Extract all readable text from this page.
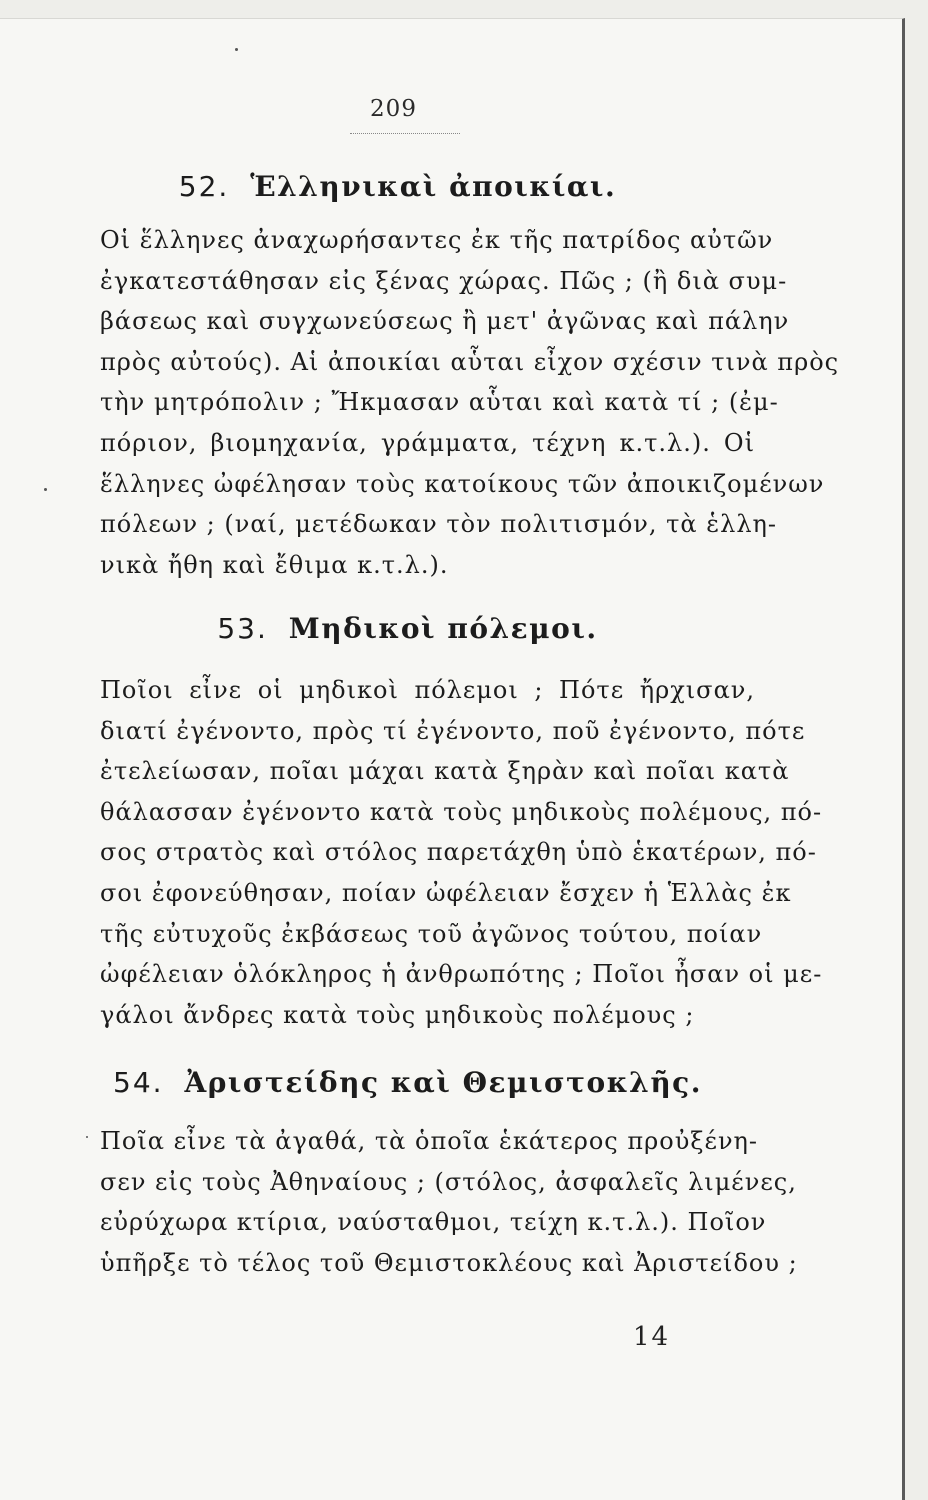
209
52. Ἑλληνικαὶ ἀποικίαι.
Οἱ ἕλληνες ἀναχωρήσαντες ἐκ τῆς πατρίδος αὐτῶν
ἐγκατεστάθησαν εἰς ξένας χώρας. Πῶς ; (ἢ διὰ συμ-
βάσεως καὶ συγχωνεύσεως ἢ μετ' ἀγῶνας καὶ πάλην
πρὸς αὐτούς). Αἱ ἀποικίαι αὗται εἶχον σχέσιν τινὰ πρὸς
τὴν μητρόπολιν ; Ἤκμασαν αὗται καὶ κατὰ τί ; (ἐμ-
πόριον, βιομηχανία, γράμματα, τέχνη κ.τ.λ.). Οἱ
ἕλληνες ὠφέλησαν τοὺς κατοίκους τῶν ἀποικιζομένων
πόλεων ; (ναί, μετέδωκαν τὸν πολιτισμόν, τὰ ἑλλη-
νικὰ ἤθη καὶ ἔθιμα κ.τ.λ.).
53. Μηδικοὶ πόλεμοι.
Ποῖοι εἶνε οἱ μηδικοὶ πόλεμοι ; Πότε ἤρχισαν,
διατί ἐγένοντο, πρὸς τί ἐγένοντο, ποῦ ἐγένοντο, πότε
ἐτελείωσαν, ποῖαι μάχαι κατὰ ξηρὰν καὶ ποῖαι κατὰ
θάλασσαν ἐγένοντο κατὰ τοὺς μηδικοὺς πολέμους, πό-
σος στρατὸς καὶ στόλος παρετάχθη ὑπὸ ἑκατέρων, πό-
σοι ἐφονεύθησαν, ποίαν ὠφέλειαν ἔσχεν ἡ Ἑλλὰς ἐκ
τῆς εὐτυχοῦς ἐκβάσεως τοῦ ἀγῶνος τούτου, ποίαν
ὠφέλειαν ὁλόκληρος ἡ ἀνθρωπότης ; Ποῖοι ἦσαν οἱ με-
γάλοι ἄνδρες κατὰ τοὺς μηδικοὺς πολέμους ;
54. Ἀριστείδης καὶ Θεμιστοκλῆς.
Ποῖα εἶνε τὰ ἀγαθά, τὰ ὁποῖα ἑκάτερος προὐξένη-
σεν εἰς τοὺς Ἀθηναίους ; (στόλος, ἀσφαλεῖς λιμένες,
εὐρύχωρα κτίρια, ναύσταθμοι, τείχη κ.τ.λ.). Ποῖον
ὑπῆρξε τὸ τέλος τοῦ Θεμιστοκλέους καὶ Ἀριστείδου ;
14
